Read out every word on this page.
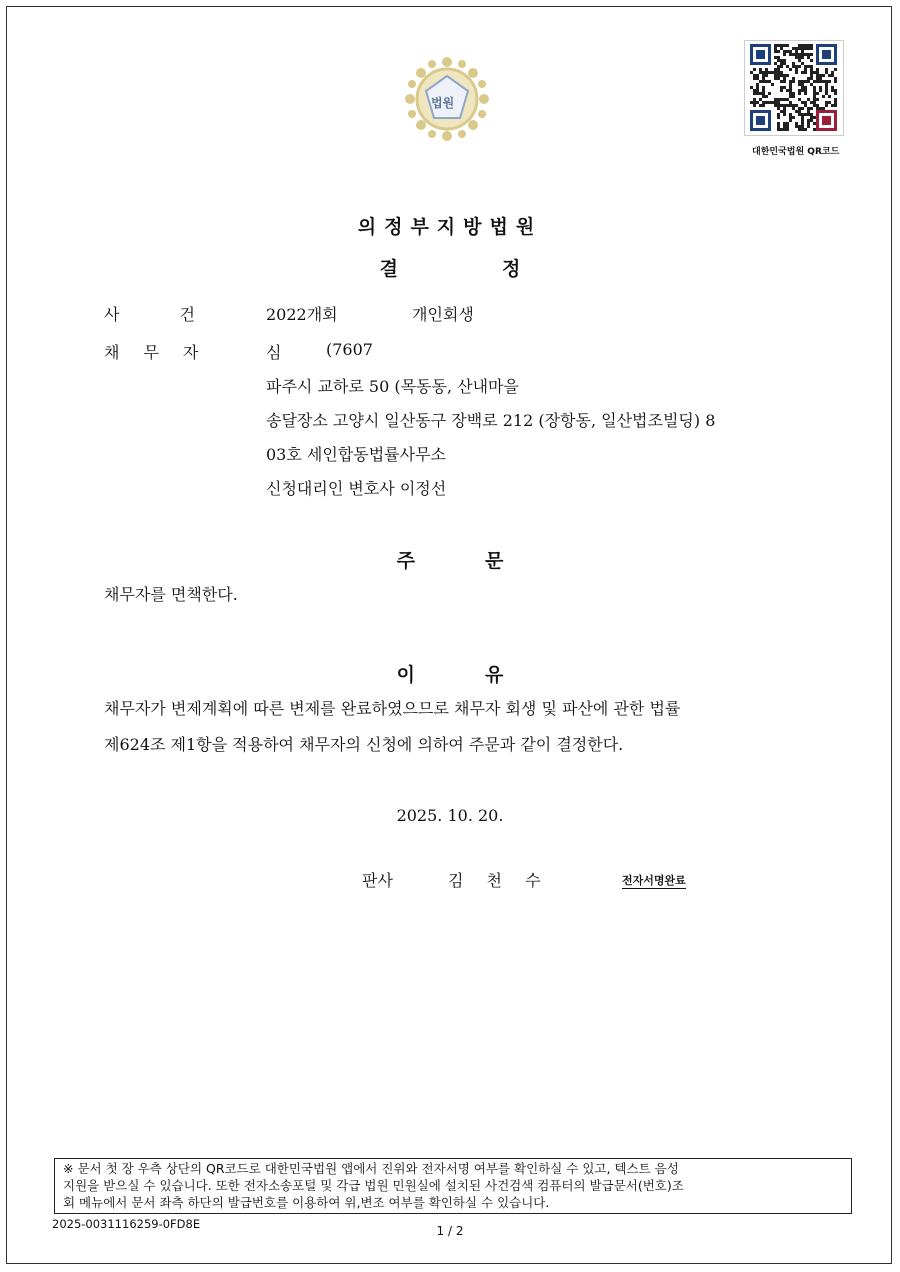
법원
대한민국법원 QR코드
의정부지방법원
결정
사건 2022개회	개인회생
채무자	심	(7607
파주시 교하로 50 (목동동, 산내마을
송달장소 고양시 일산동구 장백로 212 (장항동, 일산법조빌딩) 8
03호 세인합동법률사무소
신청대리인 변호사 이정선
주문
채무자를 면책한다.
이유
채무자가 변제계획에 따른 변제를 완료하였으므로 채무자 회생 및 파산에 관한 법률
제624조 제1항을 적용하여 채무자의 신청에 의하여 주문과 같이 결정한다.
2025. 10. 20.
판사	김 천 수	전자서명완료
※ 문서 첫 장 우측 상단의 QR코드로 대한민국법원 앱에서 진위와 전자서명 여부를 확인하실 수 있고, 텍스트 음성
지원을 받으실 수 있습니다. 또한 전자소송포털 및 각급 법원 민원실에 설치된 사건검색 컴퓨터의 발급문서(번호)조
회 메뉴에서 문서 좌측 하단의 발급번호를 이용하여 위,변조 여부를 확인하실 수 있습니다.
2025-0031116259-0FD8E	1 / 2
